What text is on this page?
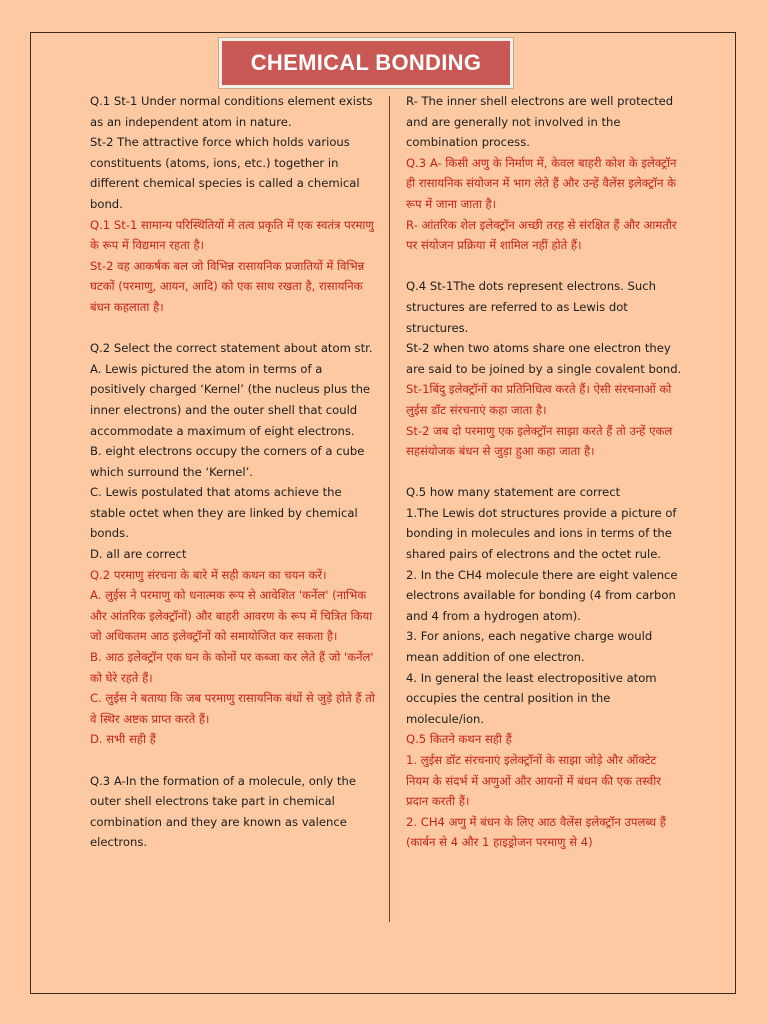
CHEMICAL BONDING

Q.1 St-1 Under normal conditions element exists as an independent atom in nature.

St-2 The attractive force which holds various constituents (atoms, ions, etc.) together in different chemical species is called a chemical bond.

Q.1 St-1 सामान्य परिस्थितियों में तत्व प्रकृति में एक स्वतंत्र परमाणु के रूप में विद्यमान रहता है।

St-2 वह आकर्षक बल जो विभिन्न रासायनिक प्रजातियों में विभिन्न घटकों (परमाणु, आयन, आदि) को एक साथ रखता है, रासायनिक बंधन कहलाता है।

Q.2 Select the correct statement about atom str.

A. Lewis pictured the atom in terms of a positively charged ‘Kernel’ (the nucleus plus the inner electrons) and the outer shell that could accommodate a maximum of eight electrons.

B. eight electrons occupy the corners of a cube which surround the ‘Kernel’.

C. Lewis postulated that atoms achieve the stable octet when they are linked by chemical bonds.

D. all are correct

Q.2 परमाणु संरचना के बारे में सही कथन का चयन करें।

A. लुईस ने परमाणु को धनात्मक रूप से आवेशित 'कर्नेल' (नाभिक और आंतरिक इलेक्ट्रॉनों) और बाहरी आवरण के रूप में चित्रित किया जो अधिकतम आठ इलेक्ट्रॉनों को समायोजित कर सकता है।

B. आठ इलेक्ट्रॉन एक घन के कोनों पर कब्जा कर लेते हैं जो 'कर्नेल' को घेरे रहते हैं।

C. लुईस ने बताया कि जब परमाणु रासायनिक बंधों से जुड़े होते हैं तो वे स्थिर अष्टक प्राप्त करते हैं।

D. सभी सही हैं

Q.3 A-In the formation of a molecule, only the outer shell electrons take part in chemical combination and they are known as valence electrons.

R- The inner shell electrons are well protected and are generally not involved in the combination process.

Q.3 A- किसी अणु के निर्माण में, केवल बाहरी कोश के इलेक्ट्रॉन ही रासायनिक संयोजन में भाग लेते हैं और उन्हें वैलेंस इलेक्ट्रॉन के रूप में जाना जाता है।

R- आंतरिक शेल इलेक्ट्रॉन अच्छी तरह से संरक्षित हैं और आमतौर पर संयोजन प्रक्रिया में शामिल नहीं होते हैं।

Q.4 St-1The dots represent electrons. Such structures are referred to as Lewis dot structures.

St-2 when two atoms share one electron they are said to be joined by a single covalent bond.

St-1बिंदु इलेक्ट्रॉनों का प्रतिनिधित्व करते हैं। ऐसी संरचनाओं को लुईस डॉट संरचनाएं कहा जाता है।

St-2 जब दो परमाणु एक इलेक्ट्रॉन साझा करते हैं तो उन्हें एकल सहसंयोजक बंधन से जुड़ा हुआ कहा जाता है।

Q.5 how many statement are correct

1.The Lewis dot structures provide a picture of bonding in molecules and ions in terms of the shared pairs of electrons and the octet rule.

2. In the CH4 molecule there are eight valence electrons available for bonding (4 from carbon and 4 from a hydrogen atom).

3. For anions, each negative charge would mean addition of one electron.

4. In general the least electropositive atom occupies the central position in the molecule/ion.

Q.5 कितने कथन सही हैं

1. लुईस डॉट संरचनाएं इलेक्ट्रॉनों के साझा जोड़े और ऑक्टेट नियम के संदर्भ में अणुओं और आयनों में बंधन की एक तस्वीर प्रदान करती हैं।

2. CH4 अणु में बंधन के लिए आठ वैलेंस इलेक्ट्रॉन उपलब्ध हैं (कार्बन से 4 और 1 हाइड्रोजन परमाणु से 4)
